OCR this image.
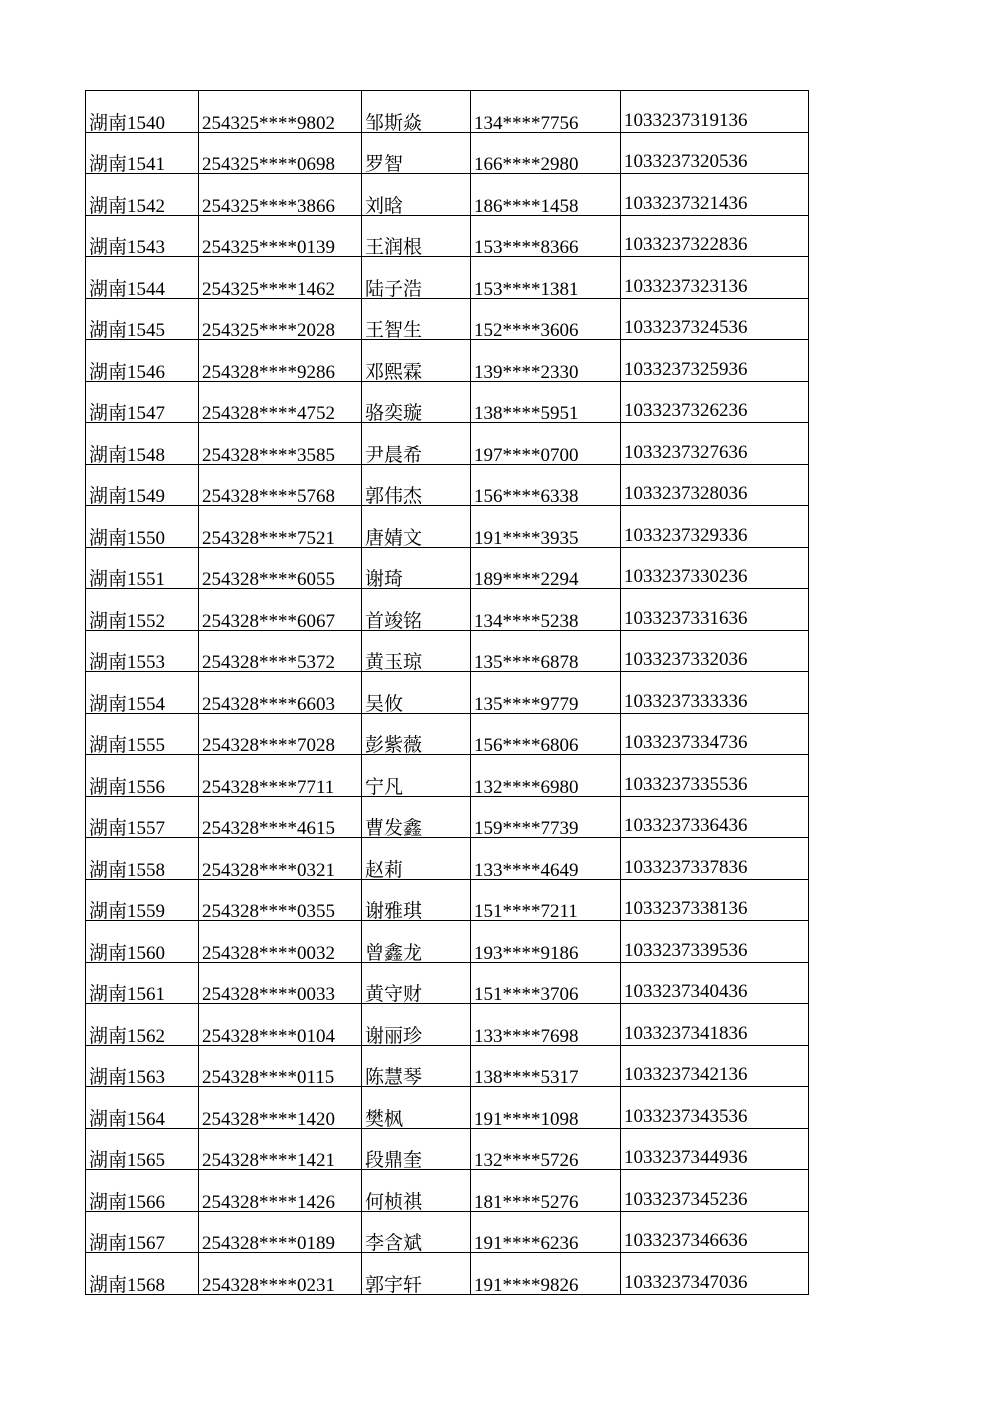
湖南1540	254325****9802	邹斯焱	134****7756	1033237319136
湖南1541	254325****0698	罗智	166****2980	1033237320536
湖南1542	254325****3866	刘晗	186****1458	1033237321436
湖南1543	254325****0139	王润根	153****8366	1033237322836
湖南1544	254325****1462	陆子浩	153****1381	1033237323136
湖南1545	254325****2028	王智生	152****3606	1033237324536
湖南1546	254328****9286	邓熙霖	139****2330	1033237325936
湖南1547	254328****4752	骆奕璇	138****5951	1033237326236
湖南1548	254328****3585	尹晨希	197****0700	1033237327636
湖南1549	254328****5768	郭伟杰	156****6338	1033237328036
湖南1550	254328****7521	唐婧文	191****3935	1033237329336
湖南1551	254328****6055	谢琦	189****2294	1033237330236
湖南1552	254328****6067	首竣铭	134****5238	1033237331636
湖南1553	254328****5372	黄玉琼	135****6878	1033237332036
湖南1554	254328****6603	吴攸	135****9779	1033237333336
湖南1555	254328****7028	彭紫薇	156****6806	1033237334736
湖南1556	254328****7711	宁凡	132****6980	1033237335536
湖南1557	254328****4615	曹发鑫	159****7739	1033237336436
湖南1558	254328****0321	赵莉	133****4649	1033237337836
湖南1559	254328****0355	谢雅琪	151****7211	1033237338136
湖南1560	254328****0032	曾鑫龙	193****9186	1033237339536
湖南1561	254328****0033	黄守财	151****3706	1033237340436
湖南1562	254328****0104	谢丽珍	133****7698	1033237341836
湖南1563	254328****0115	陈慧琴	138****5317	1033237342136
湖南1564	254328****1420	樊枫	191****1098	1033237343536
湖南1565	254328****1421	段鼎奎	132****5726	1033237344936
湖南1566	254328****1426	何桢祺	181****5276	1033237345236
湖南1567	254328****0189	李含斌	191****6236	1033237346636
湖南1568	254328****0231	郭宇轩	191****9826	1033237347036
